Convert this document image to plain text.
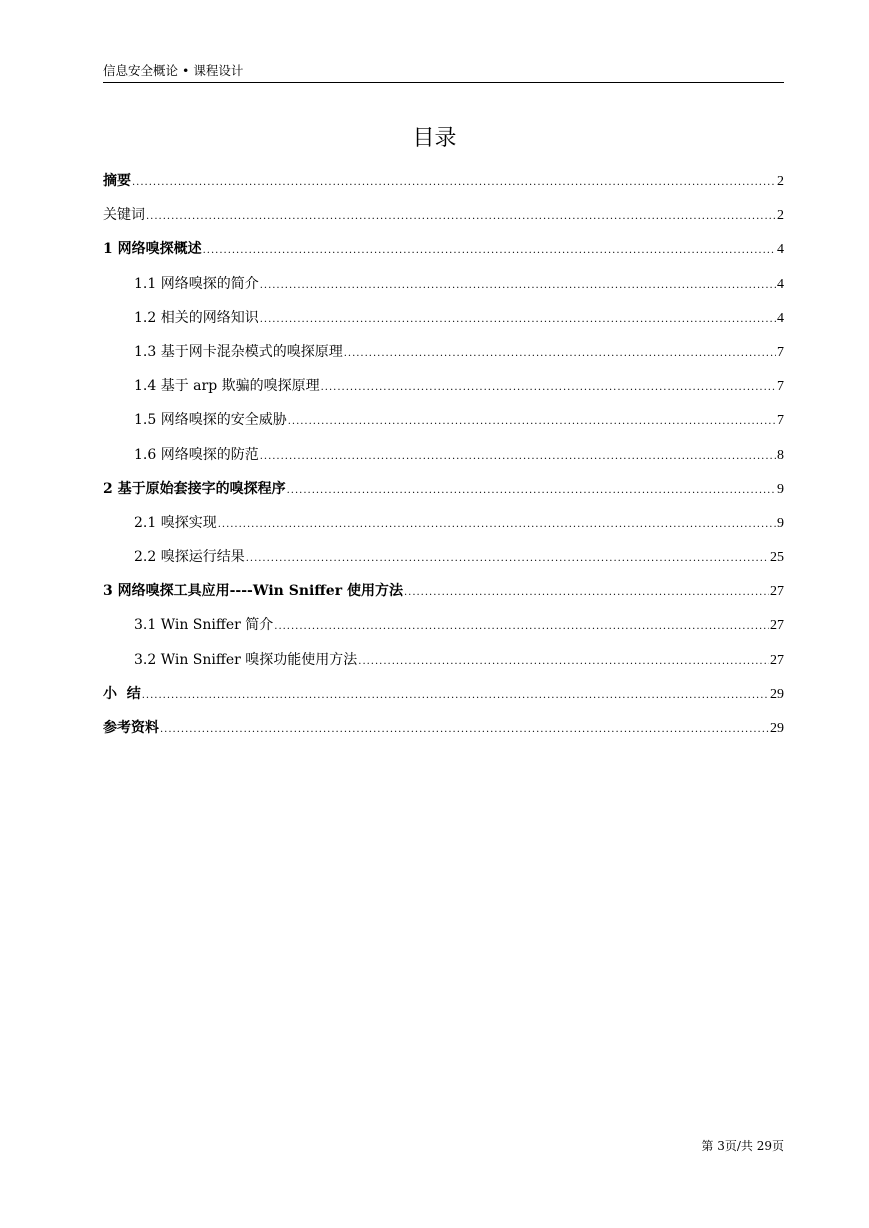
信息安全概论 • 课程设计
目录
摘要 .....	2
关键词 .....	2
1 网络嗅探概述 .....	4
1.1 网络嗅探的简介 .....	4
1.2 相关的网络知识 .....	4
1.3 基于网卡混杂模式的嗅探原理 .....	7
1.4 基于 arp 欺骗的嗅探原理 .....	7
1.5 网络嗅探的安全威胁 .....	7
1.6 网络嗅探的防范 .....	8
2 基于原始套接字的嗅探程序 .....	9
2.1 嗅探实现 .....	9
2.2 嗅探运行结果 .....	25
3 网络嗅探工具应用----Win Sniffer 使用方法 .....	27
3.1 Win Sniffer 简介 .....	27
3.2 Win Sniffer 嗅探功能使用方法 .....	27
小  结 .....	29
参考资料 .....	29
第 3页/共 29页
